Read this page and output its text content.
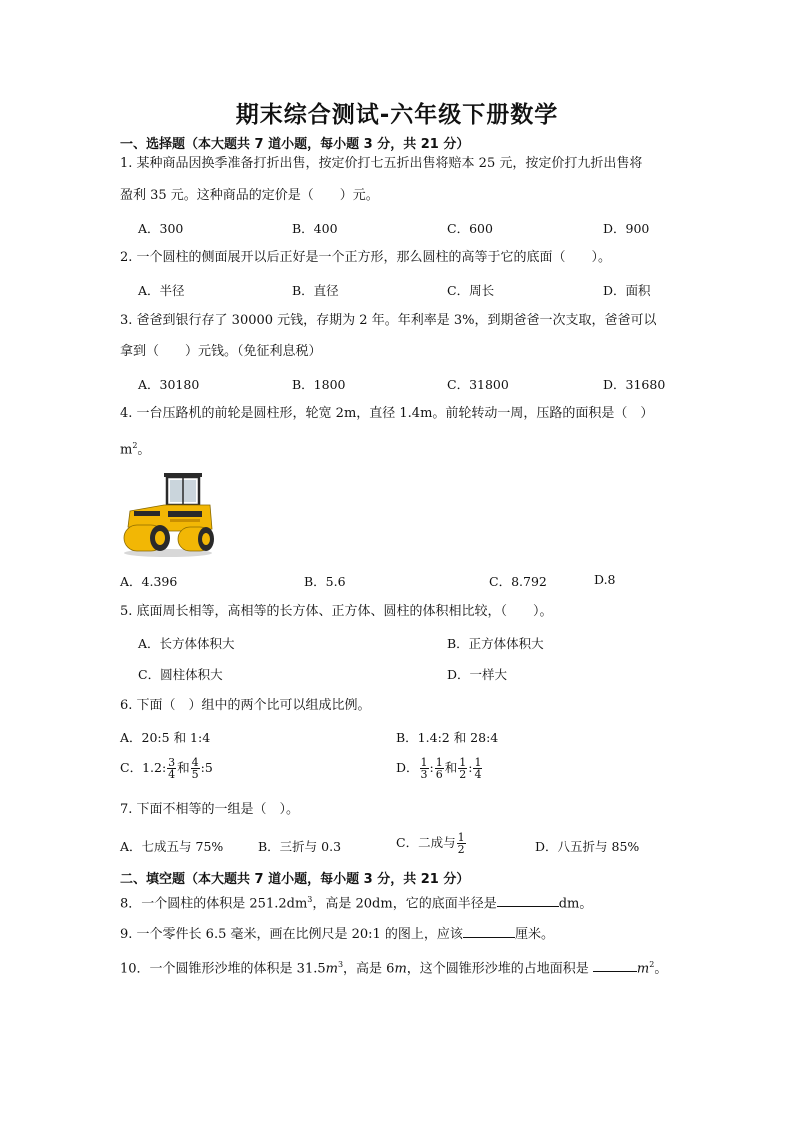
期末综合测试-六年级下册数学
一、选择题（本大题共 7 道小题，每小题 3 分，共 21 分）
1. 某种商品因换季准备打折出售，按定价打七五折出售将赔本 25 元，按定价打九折出售将
盈利 35 元。这种商品的定价是（　　）元。
A．300	B．400	C．600	D．900
2. 一个圆柱的侧面展开以后正好是一个正方形，那么圆柱的高等于它的底面（　　）。
A．半径	B．直径	C．周长	D．面积
3. 爸爸到银行存了 30000 元钱，存期为 2 年。年利率是 3%，到期爸爸一次支取，爸爸可以
拿到（　　）元钱。（免征利息税）
A．30180	B．1800	C．31800	D．31680
4. 一台压路机的前轮是圆柱形，轮宽 2m，直径 1.4m。前轮转动一周，压路的面积是（　）
$m^2$。
A．4.396	B．5.6	C．8.792	D.8
5. 底面周长相等，高相等的长方体、正方体、圆柱的体积相比较，（　　）。
A．长方体体积大	B．正方体体积大
C．圆柱体积大	D．一样大
6. 下面（　）组中的两个比可以组成比例。
A．20:5 和 1:4	B．1.4:2 和 28:4
C．1.2: $\frac{3}{4}$ 和 $\frac{4}{5}$ :5	D． $\frac{1}{3}$ : $\frac{1}{6}$ 和 $\frac{1}{2}$ : $\frac{1}{4}$
7. 下面不相等的一组是（　）。
A．七成五与 75%	B．三折与 0.3	C．二成与 $\frac{1}{2}$	D．八五折与 85%
二、填空题（本大题共 7 道小题，每小题 3 分，共 21 分）
8．一个圆柱的体积是 $251.2dm^3$，高是 20dm，它的底面半径是	dm。
9. 一个零件长 6.5 毫米，画在比例尺是 20:1 的图上，应该	厘米。
10．一个圆锥形沙堆的体积是 $31.5m^3$，高是 6m，这个圆锥形沙堆的占地面积是	$m^2$。
